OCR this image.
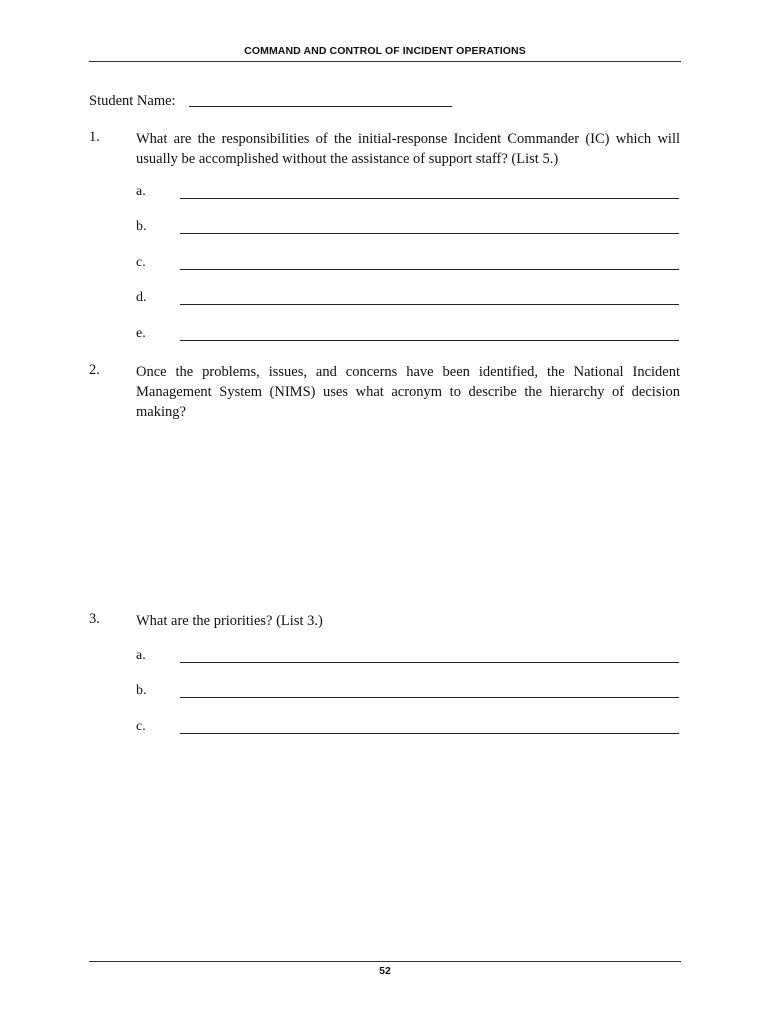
COMMAND AND CONTROL OF INCIDENT OPERATIONS
Student Name:
1. What are the responsibilities of the initial-response Incident Commander (IC) which will usually be accomplished without the assistance of support staff? (List 5.)
a.
b.
c.
d.
e.
2. Once the problems, issues, and concerns have been identified, the National Incident Management System (NIMS) uses what acronym to describe the hierarchy of decision making?
3. What are the priorities? (List 3.)
a.
b.
c.
52
